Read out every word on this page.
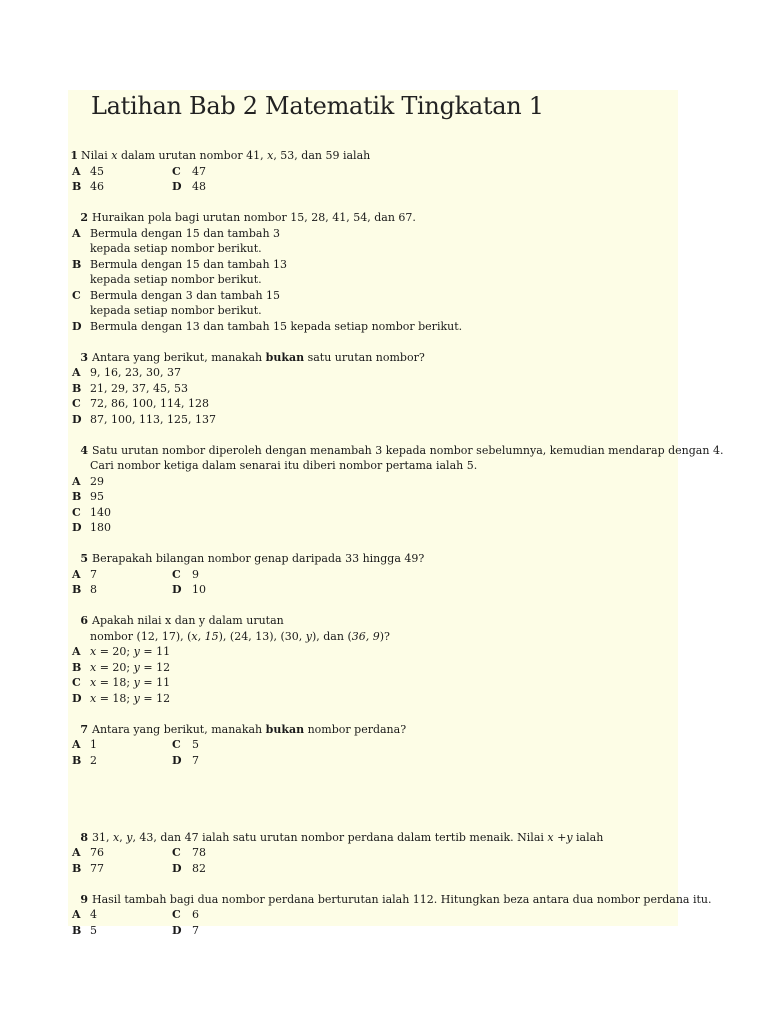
Latihan Bab 2 Matematik Tingkatan 1
1 Nilai x dalam urutan nombor 41, x, 53, dan 59 ialah
A 45	C 47
B 46	D 48
2 Huraikan pola bagi urutan nombor 15, 28, 41, 54, dan 67.
A Bermula dengan 15 dan tambah 3
kepada setiap nombor berikut.
B Bermula dengan 15 dan tambah 13
kepada setiap nombor berikut.
C Bermula dengan 3 dan tambah 15
kepada setiap nombor berikut.
D Bermula dengan 13 dan tambah 15 kepada setiap nombor berikut.
3 Antara yang berikut, manakah bukan satu urutan nombor?
A 9, 16, 23, 30, 37
B 21, 29, 37, 45, 53
C 72, 86, 100, 114, 128
D 87, 100, 113, 125, 137
4 Satu urutan nombor diperoleh dengan menambah 3 kepada nombor sebelumnya, kemudian mendarap dengan 4.
Cari nombor ketiga dalam senarai itu diberi nombor pertama ialah 5.
A 29
B 95
C 140
D 180
5 Berapakah bilangan nombor genap daripada 33 hingga 49?
A 7	C 9
B 8	D 10
6 Apakah nilai x dan y dalam urutan
nombor (12, 17), (x, 15), (24, 13), (30, y), dan (36, 9)?
A x = 20; y = 11
B x = 20; y = 12
C x = 18; y = 11
D x = 18; y = 12
7 Antara yang berikut, manakah bukan nombor perdana?
A 1	C 5
B 2	D 7
8 31, x, y, 43, dan 47 ialah satu urutan nombor perdana dalam tertib menaik. Nilai x +y ialah
A 76	C 78
B 77	D 82
9 Hasil tambah bagi dua nombor perdana berturutan ialah 112. Hitungkan beza antara dua nombor perdana itu.
A 4	C 6
B 5	D 7
